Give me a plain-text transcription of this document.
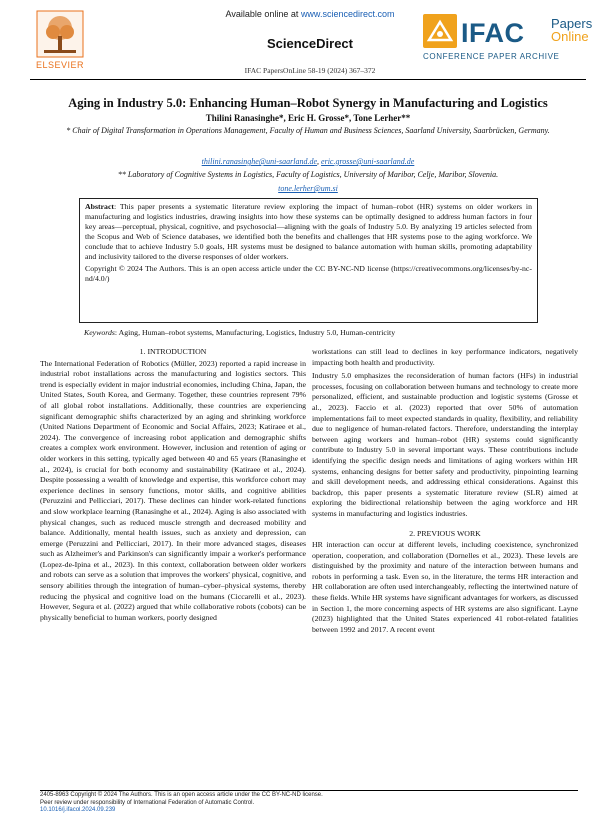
ELSEVIER
Available online at www.sciencedirect.com
ScienceDirect	IFAC Papers
Online
CONFERENCE PAPER ARCHIVE
IFAC PapersOnLine 58-19 (2024) 367–372
Aging in Industry 5.0: Enhancing Human–Robot Synergy in Manufacturing and Logistics
Thilini Ranasinghe*, Eric H. Grosse*, Tone Lerher**
* Chair of Digital Transformation in Operations Management, Faculty of Human and Business Sciences, Saarland University, Saarbrücken, Germany.
thilini.ranasinghe@uni-saarland.de, eric.grosse@uni-saarland.de
** Laboratory of Cognitive Systems in Logistics, Faculty of Logistics, University of Maribor, Celje, Maribor, Slovenia.
tone.lerher@um.si
Abstract: This paper presents a systematic literature review exploring the impact of human–robot (HR) systems on older workers in manufacturing and logistics industries, drawing insights into how these systems can be optimally designed to address human factors in four key areas—perceptual, physical, cognitive, and psychosocial—aligning with the goals of Industry 5.0. By analyzing 19 articles selected from the Scopus and Web of Science databases, we identified both the benefits and challenges that HR systems pose to the aging workforce. We conclude that to achieve Industry 5.0 goals, HR systems must be designed to balance automation with human skills, promoting adaptability and inclusivity tailored to the diverse responses of older workers.
Copyright © 2024 The Authors. This is an open access article under the CC BY-NC-ND license (https://creativecommons.org/licenses/by-nc-nd/4.0/)
Keywords: Aging, Human–robot systems, Manufacturing, Logistics, Industry 5.0, Human-centricity
1. INTRODUCTION

The International Federation of Robotics (Müller, 2023) reported a rapid increase in industrial robot installations across the manufacturing and logistics sectors. This trend is especially evident in major industrial economies, including China, Japan, the United States, South Korea, and Germany. Together, these countries represent 79% of all global robot installations. Additionally, these countries are experiencing significant demographic shifts characterized by an aging and shrinking workforce (United Nations Department of Economic and Social Affairs, 2023; Katiraee et al., 2024). The convergence of increasing robot application and demographic shifts creates a complex work environment. However, inclusion and retention of aging or older workers in this setting, typically aged between 40 and 65 years (Ranasinghe et al., 2024), is crucial for both economy and sustainability (Katiraee et al., 2024). Despite possessing a wealth of knowledge and expertise, this workforce cohort may experience declines in sensory functions, motor skills, and cognitive abilities (Peruzzini and Pellicciari, 2017). These declines can hinder work-related functions and slow workplace learning (Ranasinghe et al., 2024). Aging is also associated with physical changes, such as reduced muscle strength and decreased mobility and balance. Additionally, mental health issues, such as anxiety and depression, can emerge (Peruzzini and Pellicciari, 2017). In their more advanced stages, diseases such as Alzheimer's and Parkinson's can significantly impair a worker's performance (Lopez-de-Ipina et al., 2023). In this context, collaboration between older workers and robots can serve as a solution that improves the workers' physical, cognitive, and sensory abilities through the integration of human–cyber–physical systems, thereby reducing the physical and cognitive load on the humans (Ciccarelli et al., 2023). However, Segura et al. (2022) argued that while collaborative robots (cobots) can be physically beneficial to human workers, poorly designed

workstations can still lead to declines in key performance indicators, negatively impacting both health and productivity.

Industry 5.0 emphasizes the reconsideration of human factors (HFs) in industrial processes, focusing on collaboration between humans and technology to create more personalized, efficient, and sustainable production and logistic systems (Grosse et al., 2023). Faccio et al. (2023) reported that over 50% of automation implementations fail to meet expected standards in quality, flexibility, and reliability due to negligence of human-related factors. Therefore, understanding the interplay between aging workers and human–robot (HR) systems could significantly contribute to Industry 5.0 in several important ways. These contributions include identifying the specific design needs and limitations of aging workers within HR systems, enhancing designs for better safety and productivity, pinpointing learning and skill development needs, and addressing ethical considerations. Against this backdrop, this paper presents a systematic literature review (SLR) aimed at exploring the bidirectional relationship between the aging workforce and HR systems in manufacturing and logistics industries.

2. PREVIOUS WORK

HR interaction can occur at different levels, including coexistence, synchronized operation, cooperation, and collaboration (Dornelles et al., 2023). These levels are distinguished by the proximity and nature of the interaction between humans and robots in performing a task. Even so, in the literature, the terms HR interaction and HR collaboration are often used interchangeably, reflecting the intertwined nature of these fields. While HR systems have significant advantages for workers, as discussed in Section 1, the more concerning aspects of HR systems are also significant. Layne (2023) highlighted that the United States experienced 41 robot-related fatalities between 1992 and 2017. A recent event

2405-8963 Copyright © 2024 The Authors. This is an open access article under the CC BY-NC-ND license.
Peer review under responsibility of International Federation of Automatic Control.
10.1016/j.ifacol.2024.09.239
